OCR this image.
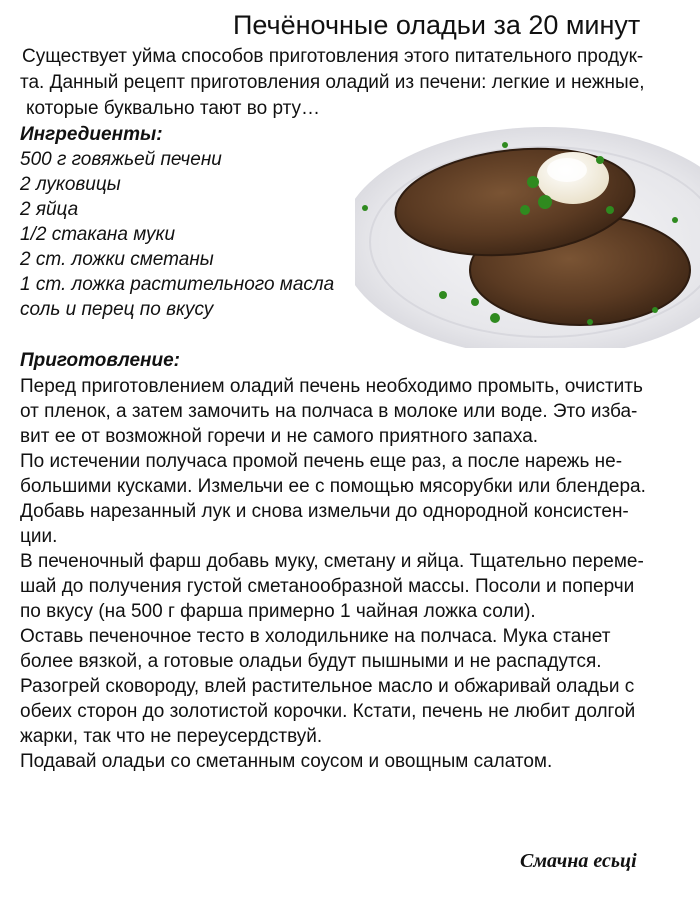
Печёночные оладьи за 20 минут
Существует уйма способов приготовления этого питательного продук-
та. Данный рецепт приготовления оладий из печени: легкие и нежные,
которые буквально тают во рту…
Ингредиенты:
500 г говяжьей печени
2 луковицы
2 яйца
1/2 стакана муки
2 ст. ложки сметаны
1 ст. ложка растительного масла
соль и перец по вкусу
Приготовление:
Перед приготовлением оладий печень необходимо промыть, очистить
от пленок, а затем замочить на полчаса в молоке или воде. Это изба-
вит ее от возможной горечи и не самого приятного запаха.
По истечении получаса промой печень еще раз, а после нарежь не-
большими кусками. Измельчи ее с помощью мясорубки или блендера.
Добавь нарезанный лук и снова измельчи до однородной консистен-
ции.
В печеночный фарш добавь муку, сметану и яйца. Тщательно переме-
шай до получения густой сметанообразной массы. Посоли и поперчи
по вкусу (на 500 г фарша примерно 1 чайная ложка соли).
Оставь печеночное тесто в холодильнике на полчаса. Мука станет
более вязкой, а готовые оладьи будут пышными и не распадутся.
Разогрей сковороду, влей растительное масло и обжаривай оладьи с
обеих сторон до золотистой корочки. Кстати, печень не любит долгой
жарки, так что не переусердствуй.
Подавай оладьи со сметанным соусом и овощным салатом.
Смачна есьці
